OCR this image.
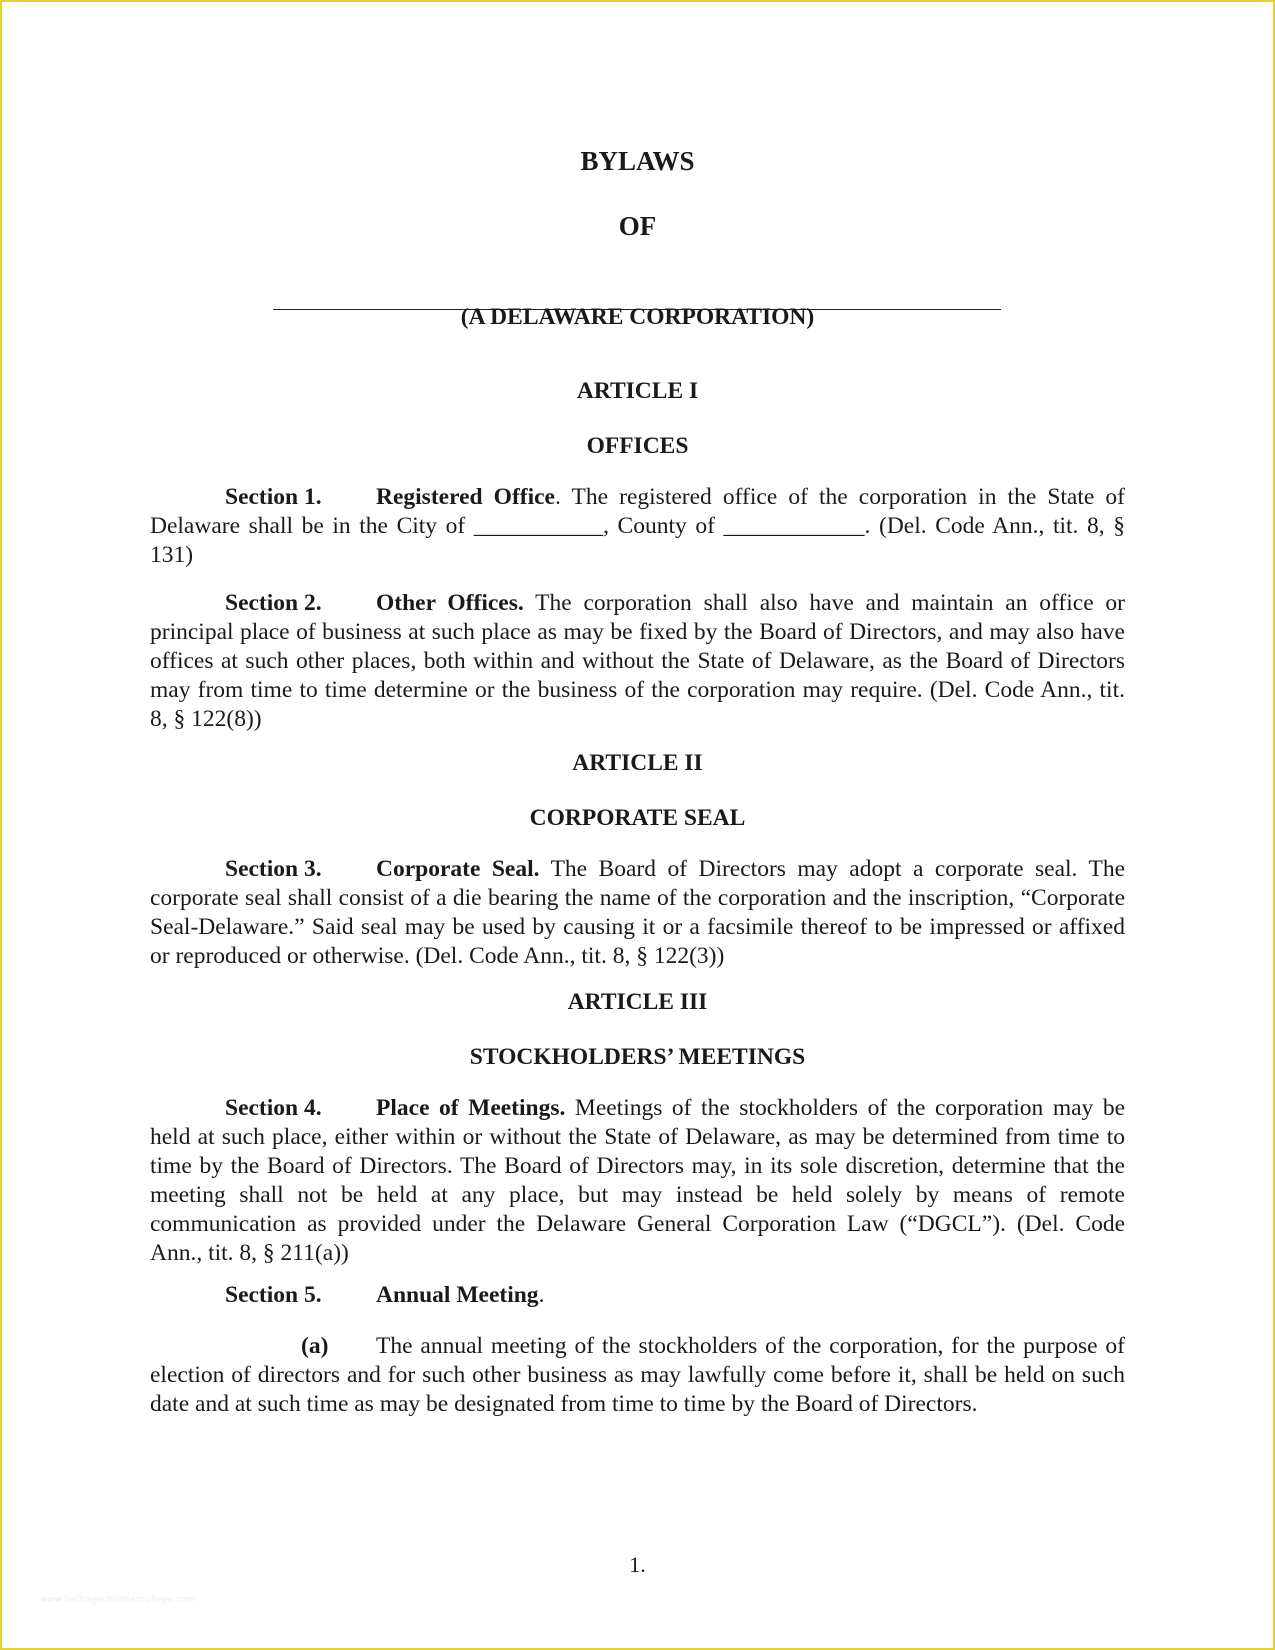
BYLAWS
OF
(A DELAWARE CORPORATION)
ARTICLE I
OFFICES
Section 1. Registered Office. The registered office of the corporation in the State of Delaware shall be in the City of ___________, County of ____________. (Del. Code Ann., tit. 8, § 131)
Section 2. Other Offices. The corporation shall also have and maintain an office or principal place of business at such place as may be fixed by the Board of Directors, and may also have offices at such other places, both within and without the State of Delaware, as the Board of Directors may from time to time determine or the business of the corporation may require. (Del. Code Ann., tit. 8, § 122(8))
ARTICLE II
CORPORATE SEAL
Section 3. Corporate Seal. The Board of Directors may adopt a corporate seal. The corporate seal shall consist of a die bearing the name of the corporation and the inscription, “Corporate Seal-Delaware.” Said seal may be used by causing it or a facsimile thereof to be impressed or affixed or reproduced or otherwise. (Del. Code Ann., tit. 8, § 122(3))
ARTICLE III
STOCKHOLDERS’ MEETINGS
Section 4. Place of Meetings. Meetings of the stockholders of the corporation may be held at such place, either within or without the State of Delaware, as may be determined from time to time by the Board of Directors. The Board of Directors may, in its sole discretion, determine that the meeting shall not be held at any place, but may instead be held solely by means of remote communication as provided under the Delaware General Corporation Law (“DGCL”). (Del. Code Ann., tit. 8, § 211(a))
Section 5. Annual Meeting.
(a) The annual meeting of the stockholders of the corporation, for the purpose of election of directors and for such other business as may lawfully come before it, shall be held on such date and at such time as may be designated from time to time by the Board of Directors.
1.
www.heritagechristiancollege.com
